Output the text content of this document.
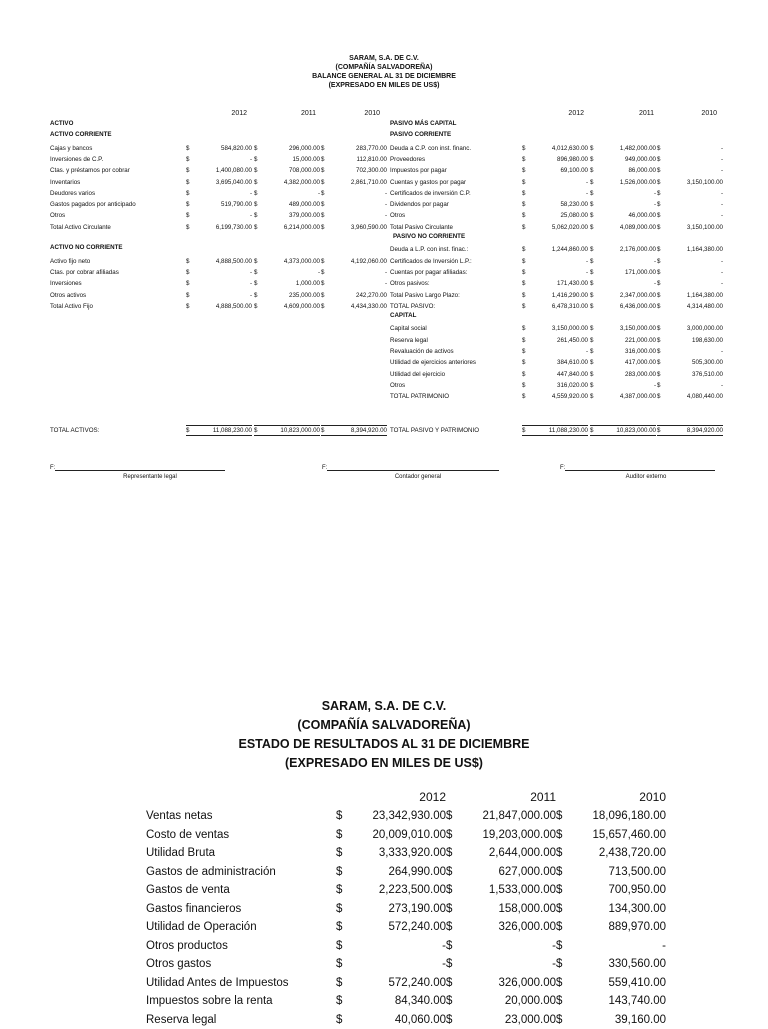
SARAM, S.A. DE C.V.
(COMPAÑÍA SALVADOREÑA)
BALANCE GENERAL AL 31 DE DICIEMBRE
(EXPRESADO EN MILES DE US$)
2012	2011	2010	2012	2011	2010
ACTIVO
ACTIVO CORRIENTE
Cajas y bancos	$	584,820.00 $	296,000.00 $	283,770.00
Inversiones de C.P.	$	- $	15,000.00 $	112,810.00
Ctas. y préstamos por cobrar	$	1,400,080.00 $	708,000.00 $	702,300.00
Inventarios	$	3,695,040.00 $	4,382,000.00 $	2,861,710.00
Deudores varios	$	- $	- $	-
Gastos pagados por anticipado	$	519,790.00 $	489,000.00 $	-
Otros	$	- $	379,000.00 $	-
Total Activo Circulante	$	6,199,730.00 $	6,214,000.00 $	3,960,590.00
ACTIVO NO CORRIENTE
Activo fijo neto	$	4,888,500.00 $	4,373,000.00 $	4,192,060.00
Ctas. por cobrar afiliadas	$	- $	- $	-
Inversiones	$	- $	1,000.00 $	-
Otros activos	$	- $	235,000.00 $	242,270.00
Total Activo Fijo	$	4,888,500.00 $	4,609,000.00 $	4,434,330.00
PASIVO MÁS CAPITAL
PASIVO CORRIENTE
Deuda a C.P. con inst. financ.	$	4,012,630.00 $	1,482,000.00 $	-
Proveedores	$	896,980.00 $	949,000.00 $	-
Impuestos por pagar	$	69,100.00 $	86,000.00 $	-
Cuentas y gastos por pagar	$	- $	1,526,000.00 $	3,150,100.00
Certificados de inversión C.P.	$	- $	- $	-
Dividendos por pagar	$	58,230.00 $	- $	-
Otros	$	25,080.00 $	46,000.00 $	-
Total Pasivo Circulante	$	5,062,020.00 $	4,089,000.00 $	3,150,100.00
PASIVO NO CORRIENTE
Deuda a L.P. con inst. finac.:	$	1,244,860.00 $	2,176,000.00 $	1,164,380.00
Certificados de Inversión L.P.:	$	- $	- $	-
Cuentas por pagar afiliadas:	$	- $	171,000.00 $	-
Otros pasivos:	$	171,430.00 $	- $	-
Total Pasivo Largo Plazo:	$	1,416,290.00 $	2,347,000.00 $	1,164,380.00
TOTAL PASIVO:	$	6,478,310.00 $	6,436,000.00 $	4,314,480.00
CAPITAL
Capital social	$	3,150,000.00 $	3,150,000.00 $	3,000,000.00
Reserva legal	$	261,450.00 $	221,000.00 $	198,630.00
Revaluación de activos	$	- $	316,000.00 $	-
Utilidad de ejercicios anteriores	$	384,610.00 $	417,000.00 $	505,300.00
Utilidad del ejercicio	$	447,840.00 $	283,000.00 $	376,510.00
Otros	$	316,020.00 $	- $	-
TOTAL PATRIMONIO	$	4,559,920.00 $	4,387,000.00 $	4,080,440.00
TOTAL ACTIVOS:	$	11,088,230.00 $	10,823,000.00 $	8,394,920.00 TOTAL PASIVO Y PATRIMONIO	$	11,088,230.00 $	10,823,000.00 $	8,394,920.00
F:
Representante legal
F:
Contador general
F:
Auditor externo
SARAM, S.A. DE C.V.
(COMPAÑÍA SALVADOREÑA)
ESTADO DE RESULTADOS AL 31 DE DICIEMBRE
(EXPRESADO EN MILES DE US$)
2012	2011	2010
Ventas netas	$	23,342,930.00 $	21,847,000.00 $	18,096,180.00
Costo de ventas	$	20,009,010.00 $	19,203,000.00 $	15,657,460.00
Utilidad Bruta	$	3,333,920.00 $	2,644,000.00 $	2,438,720.00
Gastos de administración	$	264,990.00 $	627,000.00 $	713,500.00
Gastos de venta	$	2,223,500.00 $	1,533,000.00 $	700,950.00
Gastos financieros	$	273,190.00 $	158,000.00 $	134,300.00
Utilidad de Operación	$	572,240.00 $	326,000.00 $	889,970.00
Otros productos	$	- $	- $	-
Otros gastos	$	- $	- $	330,560.00
Utilidad Antes de Impuestos	$	572,240.00 $	326,000.00 $	559,410.00
Impuestos sobre la renta	$	84,340.00 $	20,000.00 $	143,740.00
Reserva legal	$	40,060.00 $	23,000.00 $	39,160.00
